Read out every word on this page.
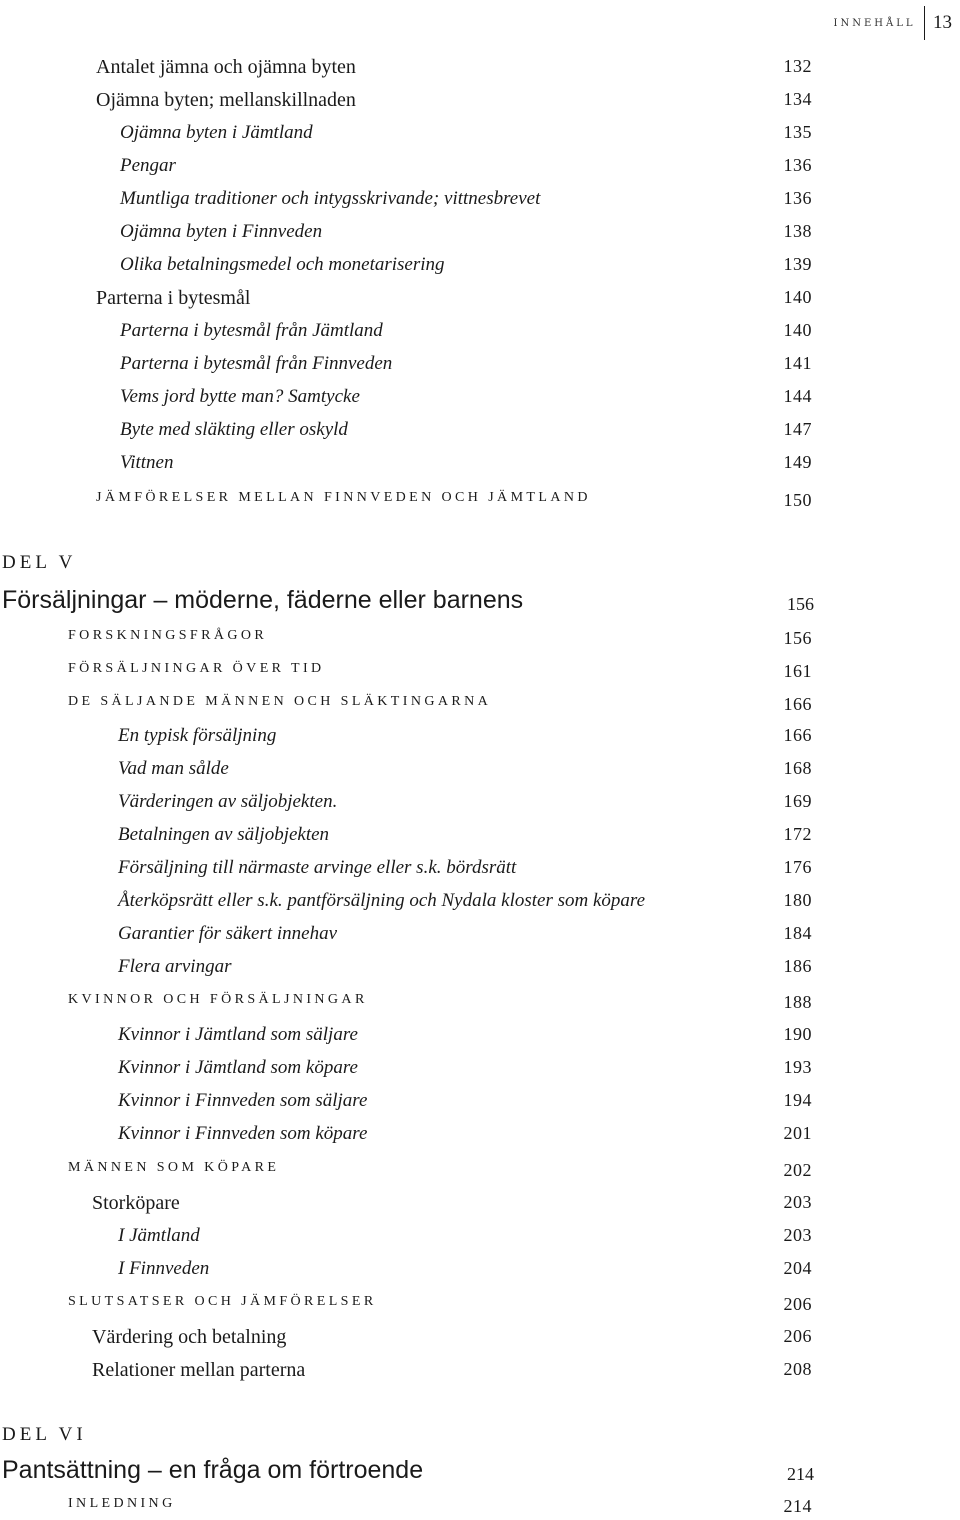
INNEHÅLL 13
Antalet jämna och ojämna byten	132
Ojämna byten; mellanskillnaden	134
Ojämna byten i Jämtland	135
Pengar	136
Muntliga traditioner och intygsskrivande; vittnesbrevet	136
Ojämna byten i Finnveden	138
Olika betalningsmedel och monetarisering	139
Parterna i bytesmål	140
Parterna i bytesmål från Jämtland	140
Parterna i bytesmål från Finnveden	141
Vems jord bytte man? Samtycke	144
Byte med släkting eller oskyld	147
Vittnen	149
JÄMFÖRELSER MELLAN FINNVEDEN OCH JÄMTLAND	150
DEL V
Försäljningar – möderne, fäderne eller barnens	156
FORSKNINGSFRÅGOR	156
FÖRSÄLJNINGAR ÖVER TID	161
DE SÄLJANDE MÄNNEN OCH SLÄKTINGARNA	166
En typisk försäljning	166
Vad man sålde	168
Värderingen av säljobjekten.	169
Betalningen av säljobjekten	172
Försäljning till närmaste arvinge eller s.k. bördsrätt	176
Återköpsrätt eller s.k. pantförsäljning och Nydala kloster som köpare	180
Garantier för säkert innehav	184
Flera arvingar	186
KVINNOR OCH FÖRSÄLJNINGAR	188
Kvinnor i Jämtland som säljare	190
Kvinnor i Jämtland som köpare	193
Kvinnor i Finnveden som säljare	194
Kvinnor i Finnveden som köpare	201
MÄNNEN SOM KÖPARE	202
Storköpare	203
I Jämtland	203
I Finnveden	204
SLUTSATSER OCH JÄMFÖRELSER	206
Värdering och betalning	206
Relationer mellan parterna	208
DEL VI
Pantsättning – en fråga om förtroende	214
INLEDNING	214
